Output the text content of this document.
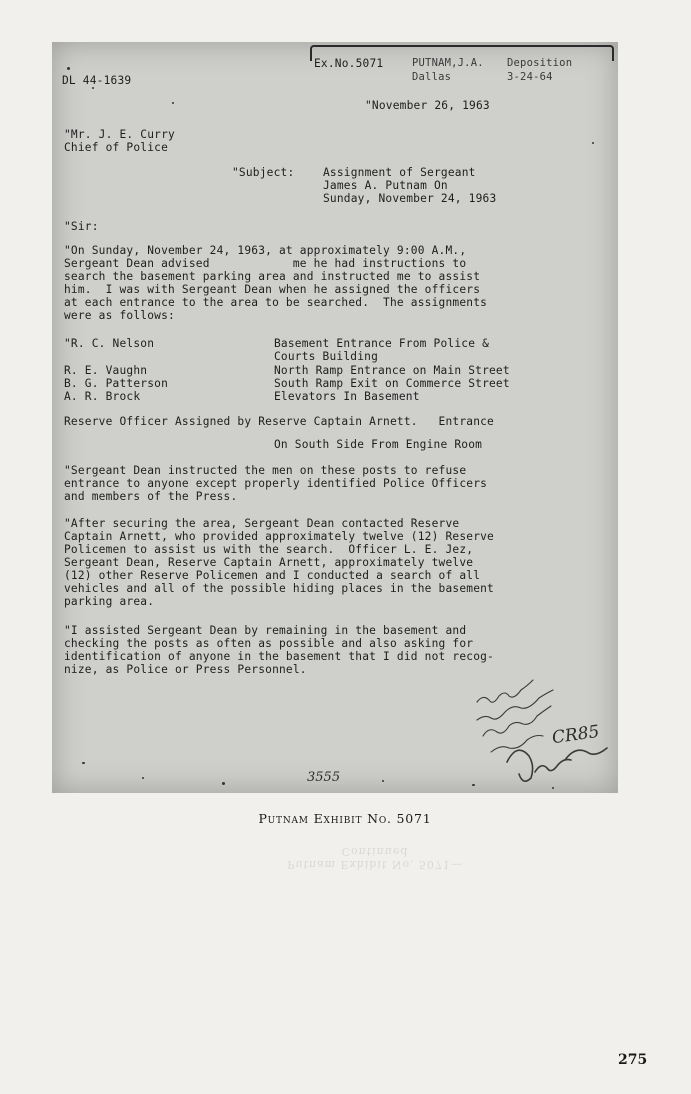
Putnam Exhibit No. 5071—Continued
DL 44-1639
Ex.No.5071	PUTNAM,J.A.
Dallas
Deposition
3-24-64
"November 26, 1963
"Mr. J. E. Curry
Chief of Police
"Subject:	Assignment of Sergeant
James A. Putnam On
Sunday, November 24, 1963
"Sir:
"On Sunday, November 24, 1963, at approximately 9:00 A.M.,
Sergeant Dean advised            me he had instructions to
search the basement parking area and instructed me to assist
him.  I was with Sergeant Dean when he assigned the officers
at each entrance to the area to be searched.  The assignments
were as follows:
"R. C. Nelson	Basement Entrance From Police &
Courts Building
R. E. Vaughn	North Ramp Entrance on Main Street
B. G. Patterson	South Ramp Exit on Commerce Street
A. R. Brock	Elevators In Basement
Reserve Officer Assigned by Reserve Captain Arnett.   Entrance
On South Side From Engine Room
"Sergeant Dean instructed the men on these posts to refuse
entrance to anyone except properly identified Police Officers
and members of the Press.
"After securing the area, Sergeant Dean contacted Reserve
Captain Arnett, who provided approximately twelve (12) Reserve
Policemen to assist us with the search.  Officer L. E. Jez,
Sergeant Dean, Reserve Captain Arnett, approximately twelve
(12) other Reserve Policemen and I conducted a search of all
vehicles and all of the possible hiding places in the basement
parking area.
"I assisted Sergeant Dean by remaining in the basement and
checking the posts as often as possible and also asking for
identification of anyone in the basement that I did not recog-
nize, as Police or Press Personnel.
CR85
3555
Putnam Exhibit No. 5071
275
